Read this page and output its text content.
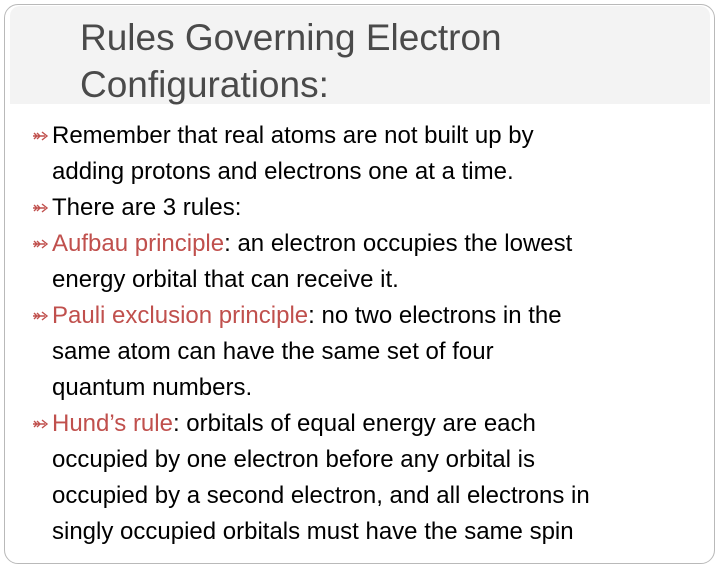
Rules Governing Electron
Configurations:
Remember that real atoms are not built up by
adding protons and electrons one at a time.
There are 3 rules:
Aufbau principle: an electron occupies the lowest
energy orbital that can receive it.
Pauli exclusion principle: no two electrons in the
same atom can have the same set of four
quantum numbers.
Hund’s rule: orbitals of equal energy are each
occupied by one electron before any orbital is
occupied by a second electron, and all electrons in
singly occupied orbitals must have the same spin
